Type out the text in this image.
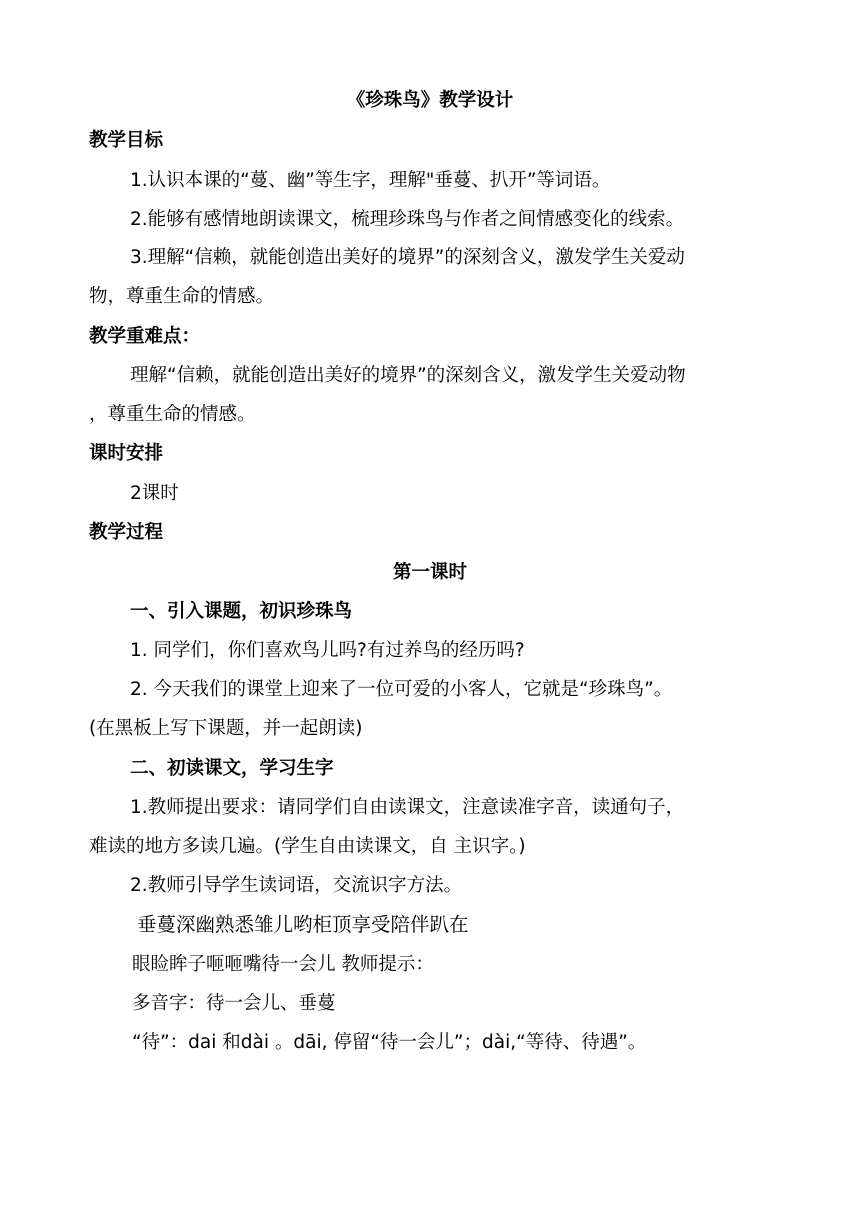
《珍珠鸟》教学设计
教学目标
1.认识本课的“蔓、幽”等生字，理解"垂蔓、扒开”等词语。
2.能够有感情地朗读课文，梳理珍珠鸟与作者之间情感变化的线索。
3.理解“信赖，就能创造出美好的境界”的深刻含义，激发学生关爱动
物，尊重生命的情感。
教学重难点：
理解“信赖，就能创造出美好的境界”的深刻含义，激发学生关爱动物
，尊重生命的情感。
课时安排
2课时
教学过程
第一课时
一、引入课题，初识珍珠鸟
1. 同学们，你们喜欢鸟儿吗?有过养鸟的经历吗?
2. 今天我们的课堂上迎来了一位可爱的小客人，它就是“珍珠鸟”。
(在黑板上写下课题，并一起朗读)
二、初读课文，学习生字
1.教师提出要求：请同学们自由读课文，注意读准字音，读通句子，
难读的地方多读几遍。(学生自由读课文，自 主识字。)
2.教师引导学生读词语，交流识字方法。
垂蔓深幽熟悉雏儿哟柜顶享受陪伴趴在
眼睑眸子咂咂嘴待一会儿 教师提示：
多音字：待一会儿、垂蔓
“待”：dai 和dài 。dāi, 停留“待一会儿”；dài,“等待、待遇”。
